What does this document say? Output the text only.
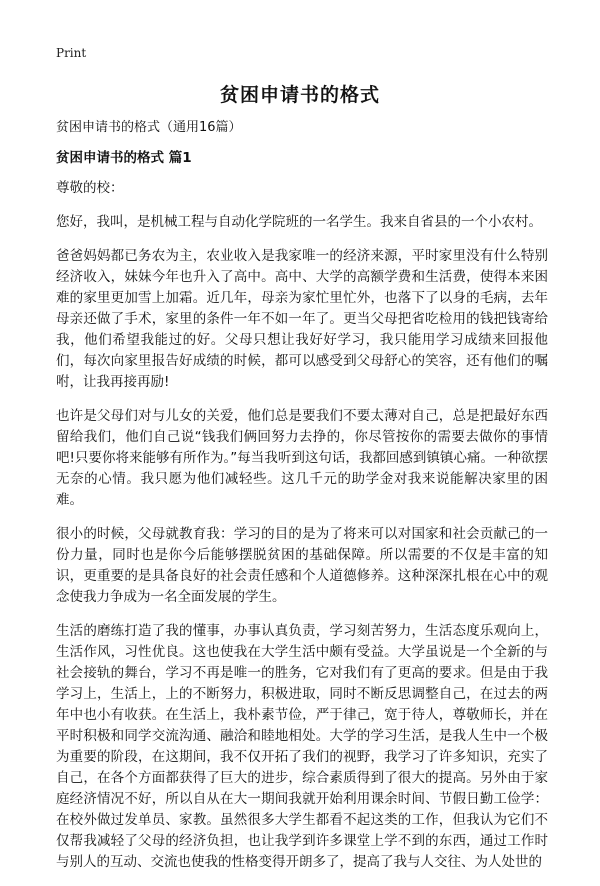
Print
贫困申请书的格式

贫困申请书的格式（通用16篇）

贫困申请书的格式 篇1

尊敬的校：

您好，我叫，是机械工程与自动化学院班的一名学生。我来自省县的一个小农村。

爸爸妈妈都已务农为主，农业收入是我家唯一的经济来源，平时家里没有什么特别经济收入，妹妹今年也升入了高中。高中、大学的高额学费和生活费，使得本来困难的家里更加雪上加霜。近几年，母亲为家忙里忙外，也落下了以身的毛病，去年母亲还做了手术，家里的条件一年不如一年了。更当父母把省吃检用的钱把钱寄给我，他们希望我能过的好。父母只想让我好好学习，我只能用学习成绩来回报他们，每次向家里报告好成绩的时候，都可以感受到父母舒心的笑容，还有他们的嘱咐，让我再接再励!

也许是父母们对与儿女的关爱，他们总是要我们不要太薄对自己，总是把最好东西留给我们，他们自己说“钱我们俩回努力去挣的，你尽管按你的需要去做你的事情吧!只要你将来能够有所作为。”每当我听到这句话，我都回感到镇镇心痛。一种欲摆无奈的心情。我只愿为他们减轻些。这几千元的助学金对我来说能解决家里的困难。

很小的时候，父母就教育我：学习的目的是为了将来可以对国家和社会贡献己的一份力量，同时也是你今后能够摆脱贫困的基础保障。所以需要的不仅是丰富的知识，更重要的是具备良好的社会责任感和个人道德修养。这种深深扎根在心中的观念使我力争成为一名全面发展的学生。

生活的磨练打造了我的懂事，办事认真负责，学习刻苦努力，生活态度乐观向上，生活作风，习性优良。这也使我在大学生活中颇有受益。大学虽说是一个全新的与社会接轨的舞台，学习不再是唯一的胜务，它对我们有了更高的要求。但是由于我学习上，生活上，上的不断努力，积极进取，同时不断反思调整自己，在过去的两年中也小有收获。在生活上，我朴素节俭，严于律己，宽于待人，尊敬师长，并在平时积极和同学交流沟通、融洽和睦地相处。大学的学习生活，是我人生中一个极为重要的阶段，在这期间，我不仅开拓了我们的视野，我学习了许多知识，充实了自己，在各个方面都获得了巨大的进步，综合素质得到了很大的提高。另外由于家庭经济情况不好，所以自从在大一期间我就开始利用课余时间、节假日勤工俭学：在校外做过发单员、家教。虽然很多大学生都看不起这类的工作，但我认为它们不仅帮我减轻了父母的经济负担，也让我学到许多课堂上学不到的东西，通过工作时与别人的互动、交流也使我的性格变得开朗多了，提高了我与人交往、为人处世的
